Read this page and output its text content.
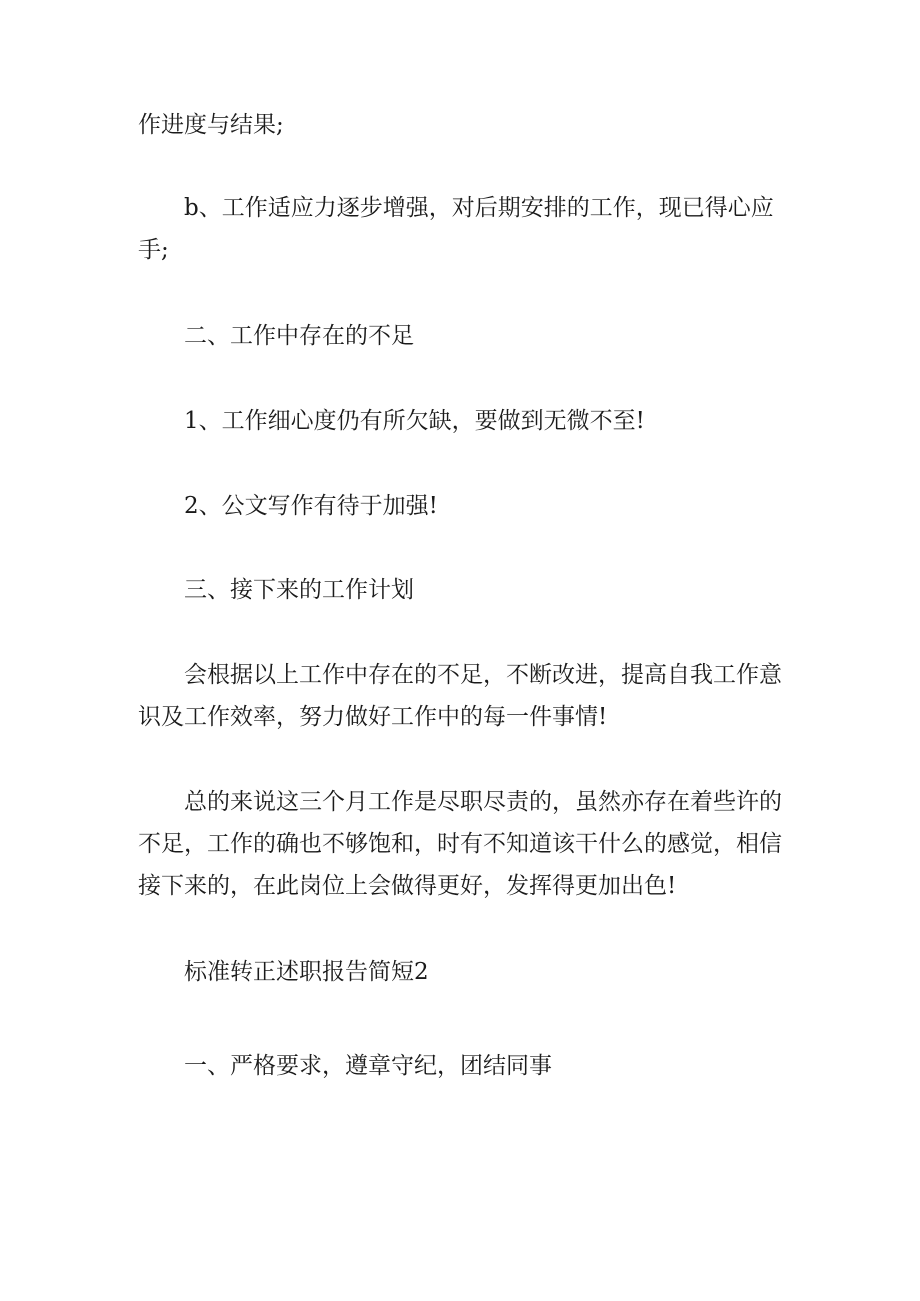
作进度与结果;

b、工作适应力逐步增强，对后期安排的工作，现已得心应手;

二、工作中存在的不足

1、工作细心度仍有所欠缺，要做到无微不至!

2、公文写作有待于加强!

三、接下来的工作计划

会根据以上工作中存在的不足，不断改进，提高自我工作意识及工作效率，努力做好工作中的每一件事情!

总的来说这三个月工作是尽职尽责的，虽然亦存在着些许的不足，工作的确也不够饱和，时有不知道该干什么的感觉，相信接下来的，在此岗位上会做得更好，发挥得更加出色!

标准转正述职报告简短2

一、严格要求，遵章守纪，团结同事
